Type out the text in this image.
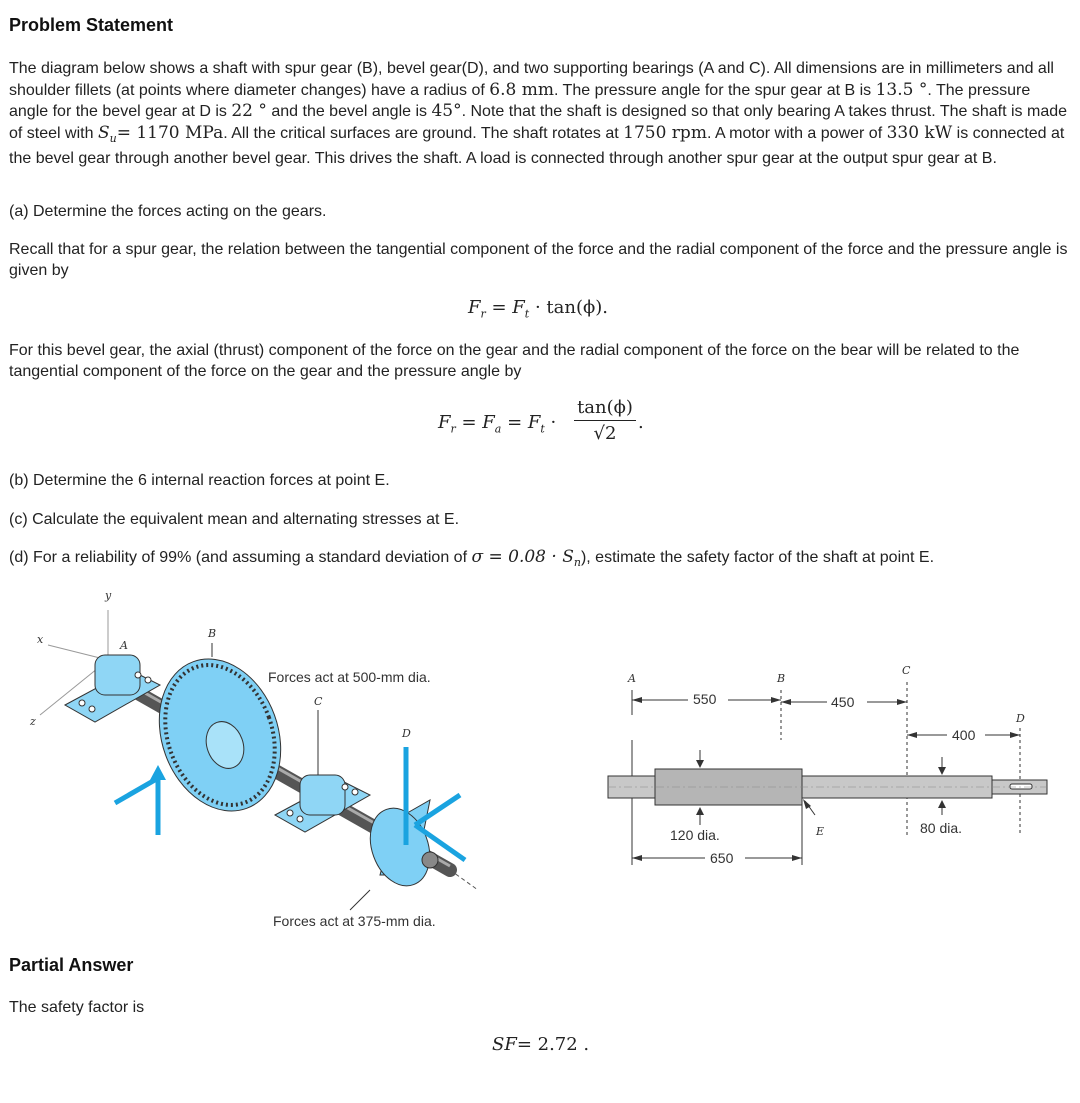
Problem Statement

The diagram below shows a shaft with spur gear (B), bevel gear(D), and two supporting bearings (A and C). All dimensions are in millimeters and all shoulder fillets (at points where diameter changes) have a radius of 6.8 mm. The pressure angle for the spur gear at B is 13.5 °. The pressure angle for the bevel gear at D is 22 ° and the bevel angle is 45°. Note that the shaft is designed so that only bearing A takes thrust. The shaft is made of steel with $S_u= 1170$ MPa. All the critical surfaces are ground. The shaft rotates at 1750 rpm. A motor with a power of 330 kW is connected at the bevel gear through another bevel gear. This drives the shaft. A load is connected through another spur gear at the output spur gear at B.

(a) Determine the forces acting on the gears.

Recall that for a spur gear, the relation between the tangential component of the force and the radial component of the force and the pressure angle is given by

$F_r = F_t \cdot \tan(\phi)$.

For this bevel gear, the axial (thrust) component of the force on the gear and the radial component of the force on the bear will be related to the tangential component of the force on the gear and the pressure angle by

$F_r = F_a = F_t$ ·
tan(ϕ)
√2
.

(b) Determine the 6 internal reaction forces at point E.

(c) Calculate the equivalent mean and alternating stresses at E.

(d) For a reliability of 99% (and assuming a standard deviation of $\sigma = 0.08 \cdot S_n$), estimate the safety factor of the shaft at point E.

y
x
z
A
B
C
Forces act at 500-mm dia.
D
Forces act at 375-mm dia.
A	B
C
D
E
550	450
400
650
120 dia.	80 dia.
Partial Answer

The safety factor is

SF= 2.72 .
